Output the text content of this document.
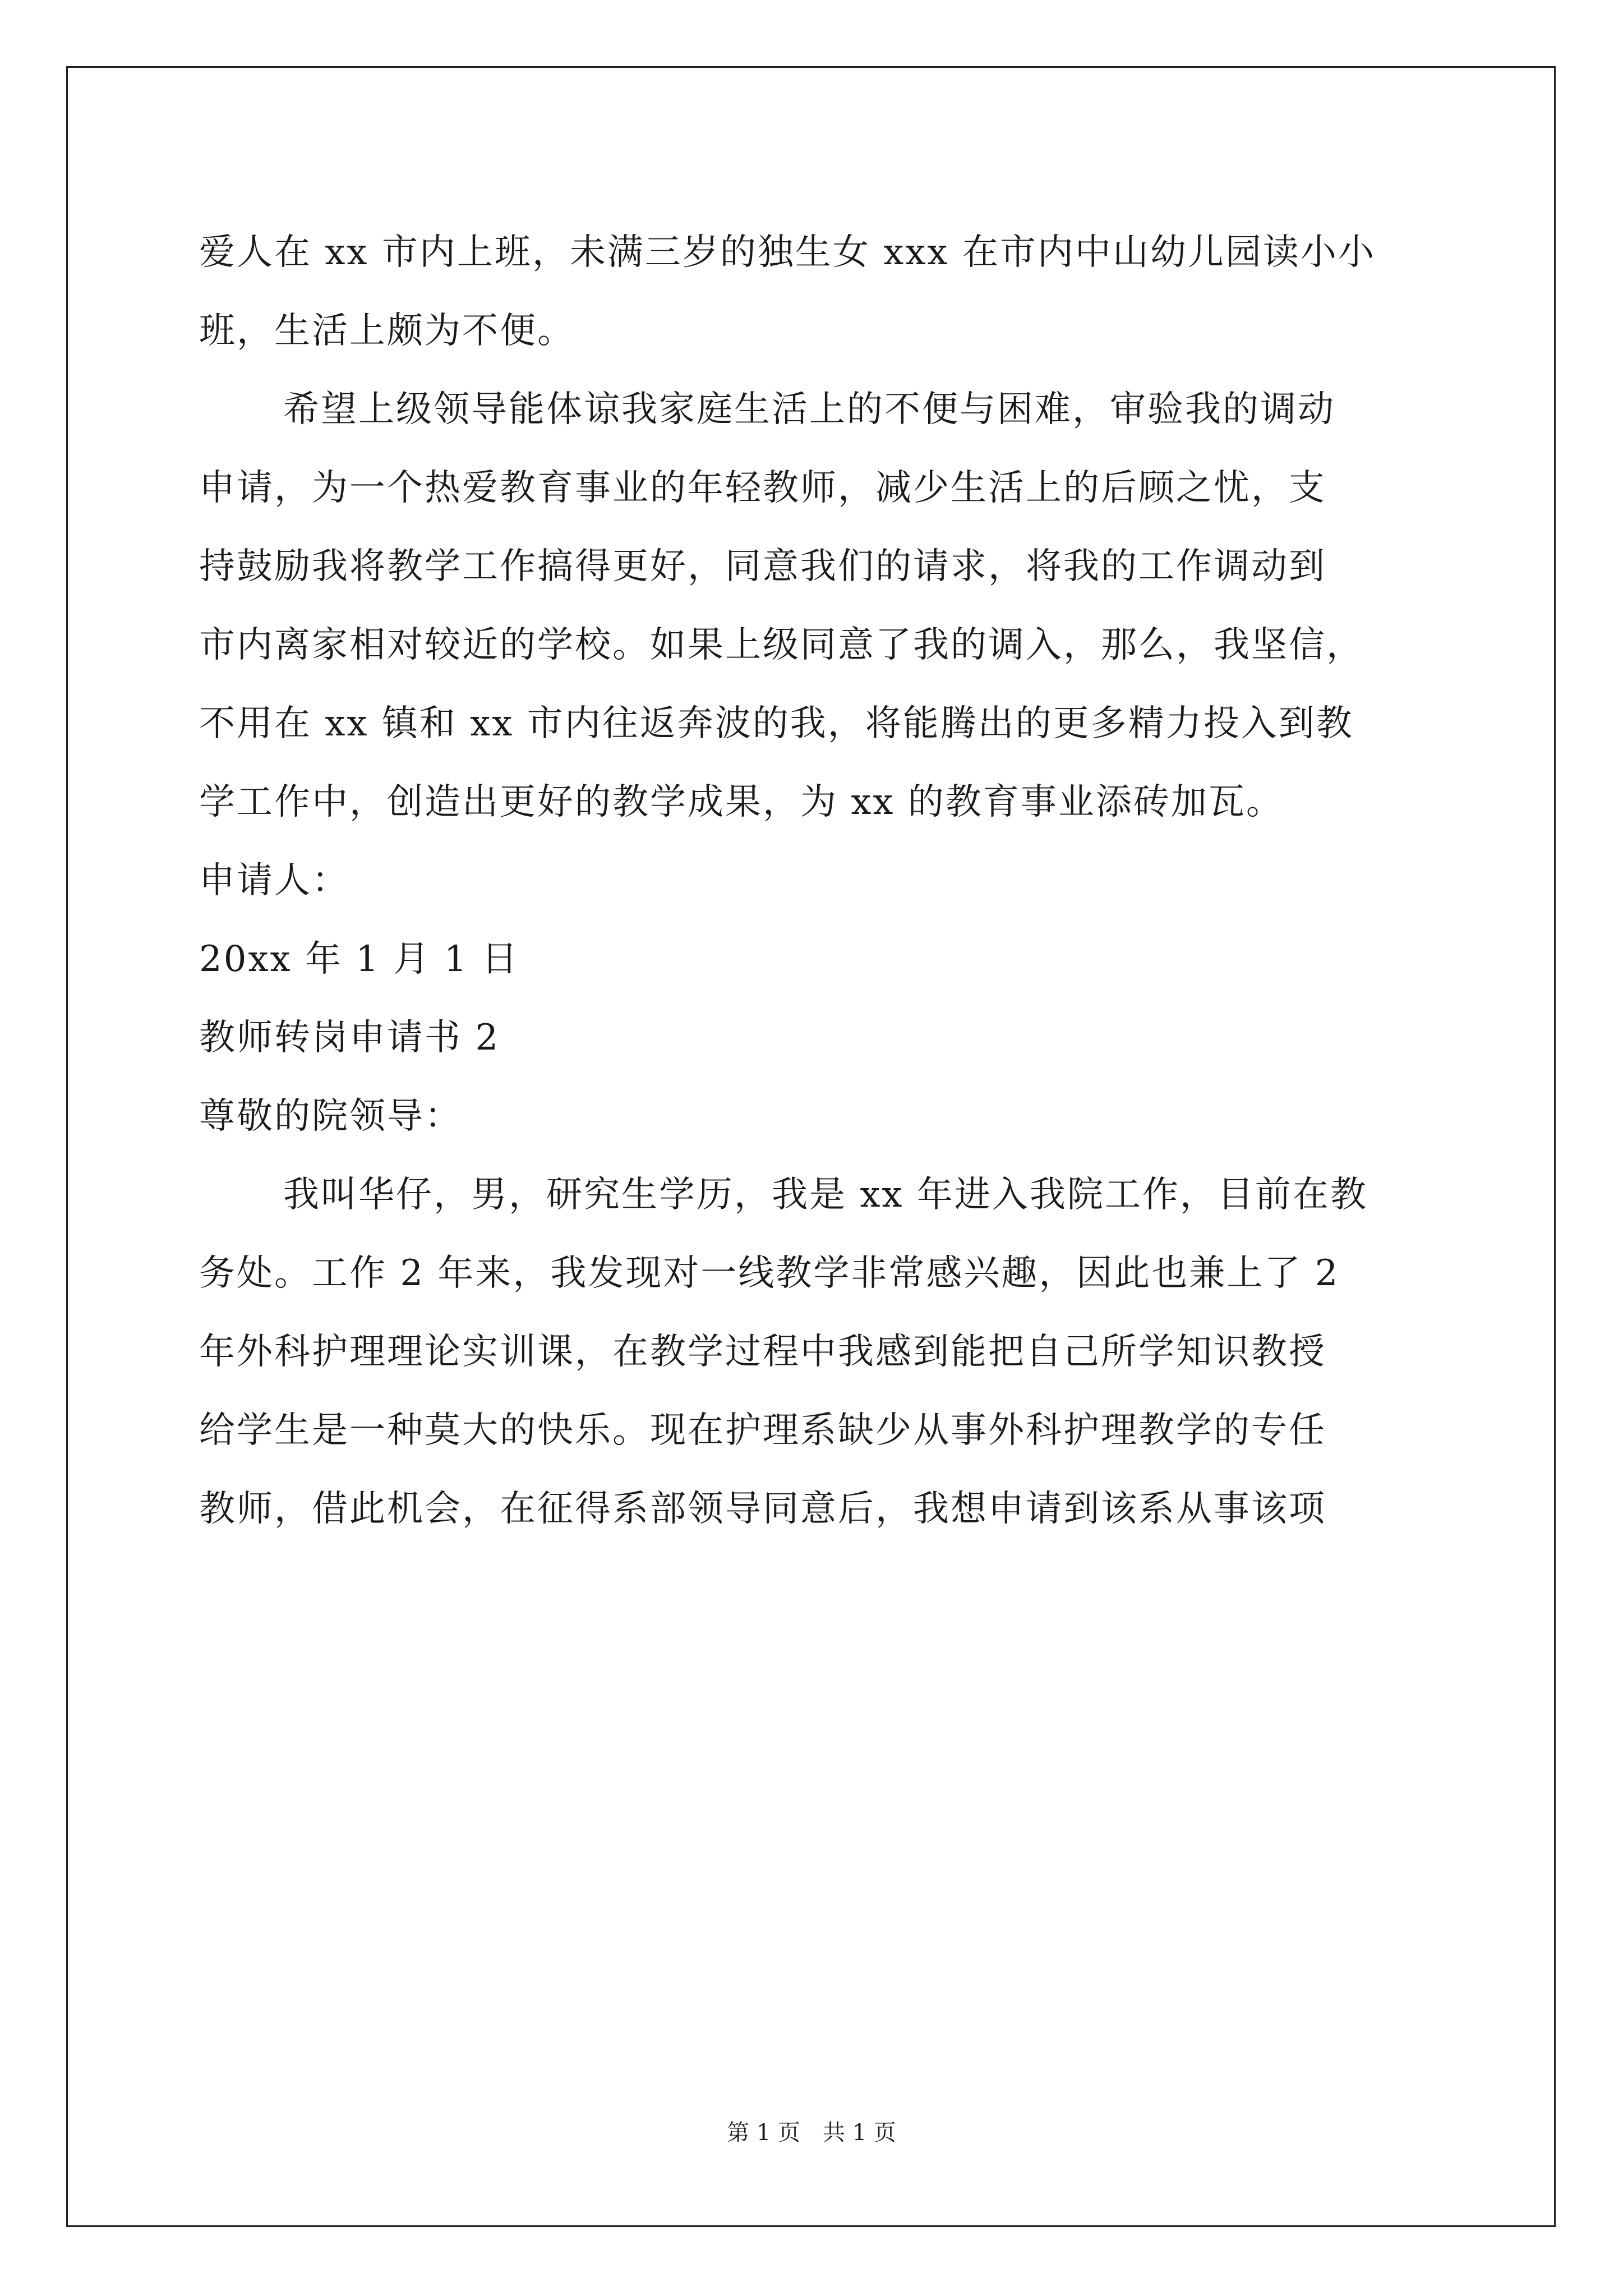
爱人在 xx 市内上班，未满三岁的独生女 xxx 在市内中山幼儿园读小小
班，生活上颇为不便。
希望上级领导能体谅我家庭生活上的不便与困难，审验我的调动
申请，为一个热爱教育事业的年轻教师，减少生活上的后顾之忧，支
持鼓励我将教学工作搞得更好，同意我们的请求，将我的工作调动到
市内离家相对较近的学校。如果上级同意了我的调入，那么，我坚信，
不用在 xx 镇和 xx 市内往返奔波的我，将能腾出的更多精力投入到教
学工作中，创造出更好的教学成果，为 xx 的教育事业添砖加瓦。
申请人：
20xx 年 1 月 1 日
教师转岗申请书 2
尊敬的院领导：
我叫华仔，男，研究生学历，我是 xx 年进入我院工作，目前在教
务处。工作 2 年来，我发现对一线教学非常感兴趣，因此也兼上了 2
年外科护理理论实训课，在教学过程中我感到能把自己所学知识教授
给学生是一种莫大的快乐。现在护理系缺少从事外科护理教学的专任
教师，借此机会，在征得系部领导同意后，我想申请到该系从事该项
第 1 页　共 1 页
